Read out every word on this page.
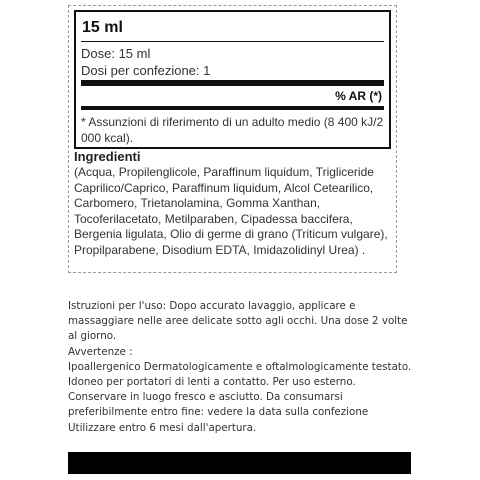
15 ml
Dose: 15 ml
Dosi per confezione: 1
% AR (*)
* Assunzioni di riferimento di un adulto medio (8 400 kJ/2 000 kcal).
Ingredienti
(Acqua, Propilenglicole, Paraffinum liquidum, Trigliceride Caprilico/Caprico, Paraffinum liquidum, Alcol Cetearilico, Carbomero, Trietanolamina, Gomma Xanthan, Tocoferilacetato, Metilparaben, Cipadessa baccifera, Bergenia ligulata, Olio di germe di grano (Triticum vulgare), Propilparabene, Disodium EDTA, Imidazolidinyl Urea) .

Istruzioni per l'uso: Dopo accurato lavaggio, applicare e massaggiare nelle aree delicate sotto agli occhi. Una dose 2 volte al giorno.

Avvertenze :

Ipoallergenico Dermatologicamente e oftalmologicamente testato. Idoneo per portatori di lenti a contatto. Per uso esterno. Conservare in luogo fresco e asciutto. Da consumarsi preferibilmente entro fine: vedere la data sulla confezione Utilizzare entro 6 mesi dall'apertura.
